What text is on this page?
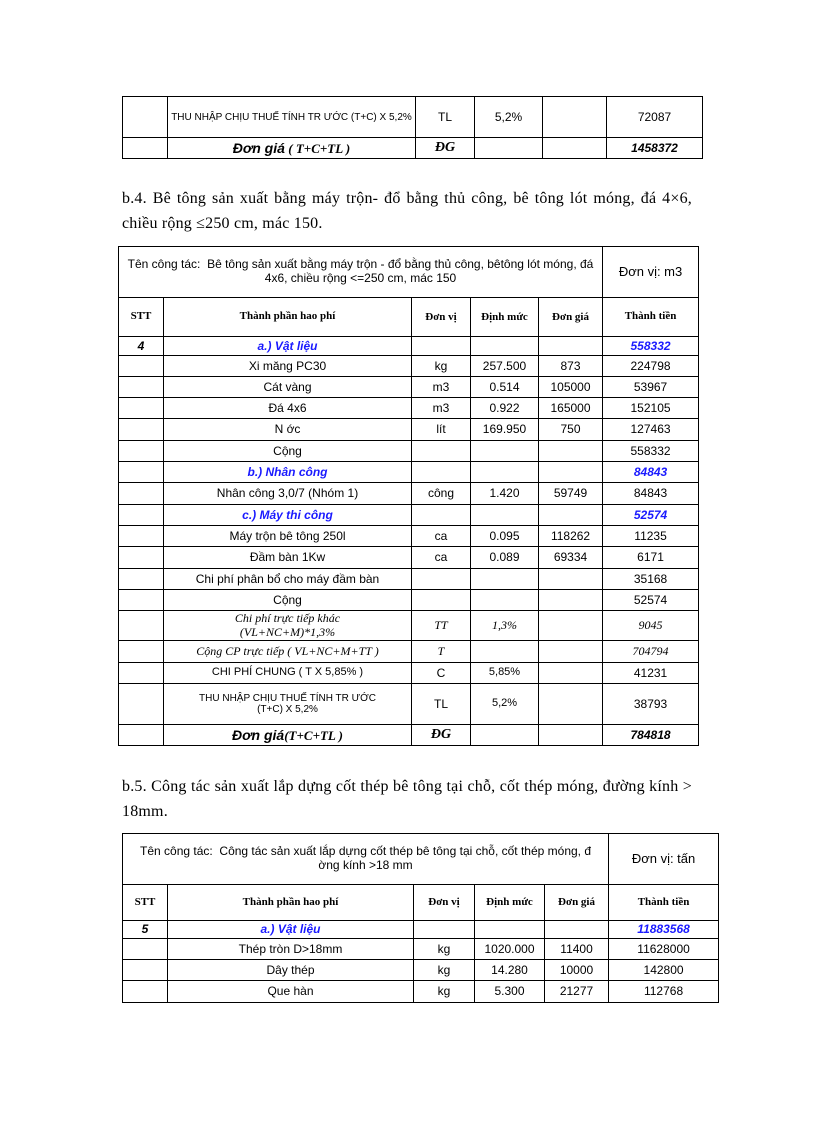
	THU NHẬP CHỊU THUẾ TÍNH TR ƯỚC (T+C) X 5,2%	TL	5,2%		72087
	Đơn giá ( T+C+TL )	ĐG			1458372
b.4. Bê tông sản xuất bằng máy trộn- đổ bằng thủ công, bê tông lót móng, đá 4×6, chiều rộng ≤250 cm, mác 150.
Tên công tác: Bê tông sản xuất bằng máy trộn - đổ bằng thủ công, bêtông lót móng, đá 4x6, chiều rộng <=250 cm, mác 150					Đơn vị: m3
STT	Thành phần hao phí	Đơn vị	Định mức	Đơn giá	Thành tiền
4	a.) Vật liệu				558332
	Xi măng PC30	kg	257.500	873	224798
	Cát vàng	m3	0.514	105000	53967
	Đá 4x6	m3	0.922	165000	152105
	N ớc	lít	169.950	750	127463
	Cộng				558332
	b.) Nhân công				84843
	Nhân công 3,0/7 (Nhóm 1)	công	1.420	59749	84843
	c.) Máy thi công				52574
	Máy trộn bê tông 250l	ca	0.095	118262	11235
	Đầm bàn 1Kw	ca	0.089	69334	6171
	Chi phí phân bổ cho máy đầm bàn				35168
	Cộng				52574
	Chi phí trực tiếp khác (VL+NC+M)*1,3%	TT	1,3%		9045
	Cộng CP trực tiếp ( VL+NC+M+TT )	T			704794
	CHI PHÍ CHUNG ( T X 5,85% )	C	5,85%		41231
	THU NHẬP CHỊU THUẾ TÍNH TR ƯỚC (T+C) X 5,2%	TL	5,2%		38793
	Đơn giá(T+C+TL )	ĐG			784818
b.5. Công tác sản xuất lắp dựng cốt thép bê tông tại chỗ, cốt thép móng, đường kính > 18mm.
Tên công tác: Công tác sản xuất lắp dựng cốt thép bê tông tại chỗ, cốt thép móng, đ ờng kính >18 mm					Đơn vị: tấn
STT	Thành phần hao phí	Đơn vị	Định mức	Đơn giá	Thành tiền
5	a.) Vật liệu				11883568
	Thép tròn D>18mm	kg	1020.000	11400	11628000
	Dây thép	kg	14.280	10000	142800
	Que hàn	kg	5.300	21277	112768
